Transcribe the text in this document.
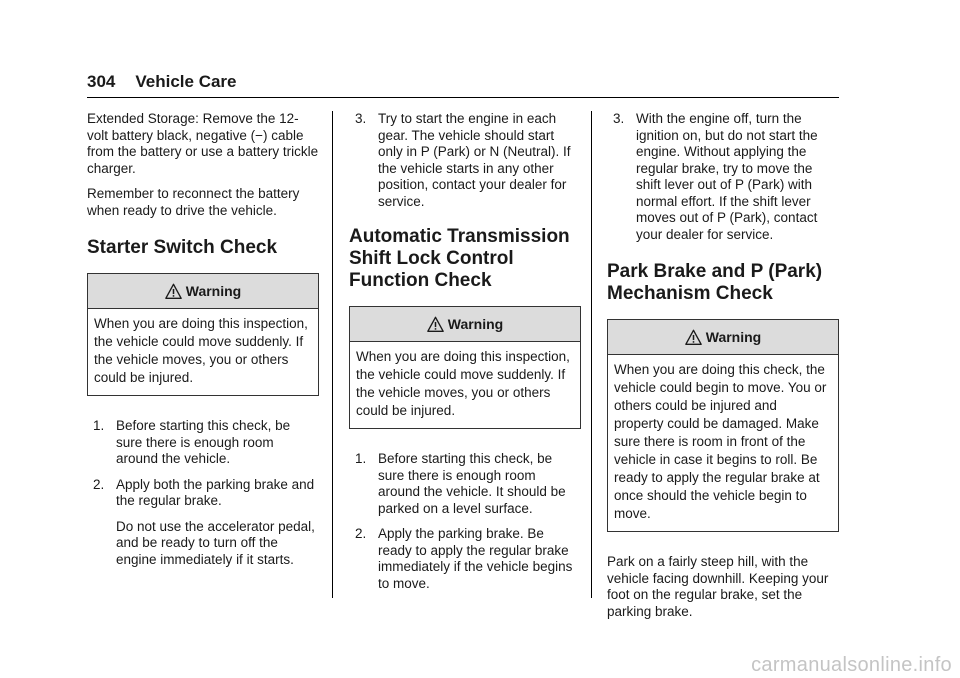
304 Vehicle Care

Extended Storage: Remove the 12-volt battery black, negative (−) cable from the battery or use a battery trickle charger.

Remember to reconnect the battery when ready to drive the vehicle.

Starter Switch Check
Warning
When you are doing this inspection, the vehicle could move suddenly. If the vehicle moves, you or others could be injured.
1. Before starting this check, be sure there is enough room around the vehicle.
2. Apply both the parking brake and the regular brake.
Do not use the accelerator pedal, and be ready to turn off the engine immediately if it starts.
3. Try to start the engine in each gear. The vehicle should start only in P (Park) or N (Neutral). If the vehicle starts in any other position, contact your dealer for service.
Automatic Transmission Shift Lock Control Function Check
Warning
When you are doing this inspection, the vehicle could move suddenly. If the vehicle moves, you or others could be injured.
1. Before starting this check, be sure there is enough room around the vehicle. It should be parked on a level surface.
2. Apply the parking brake. Be ready to apply the regular brake immediately if the vehicle begins to move.
3. With the engine off, turn the ignition on, but do not start the engine. Without applying the regular brake, try to move the shift lever out of P (Park) with normal effort. If the shift lever moves out of P (Park), contact your dealer for service.
Park Brake and P (Park) Mechanism Check
Warning
When you are doing this check, the vehicle could begin to move. You or others could be injured and property could be damaged. Make sure there is room in front of the vehicle in case it begins to roll. Be ready to apply the regular brake at once should the vehicle begin to move.

Park on a fairly steep hill, with the vehicle facing downhill. Keeping your foot on the regular brake, set the parking brake.

carmanualsonline.info
